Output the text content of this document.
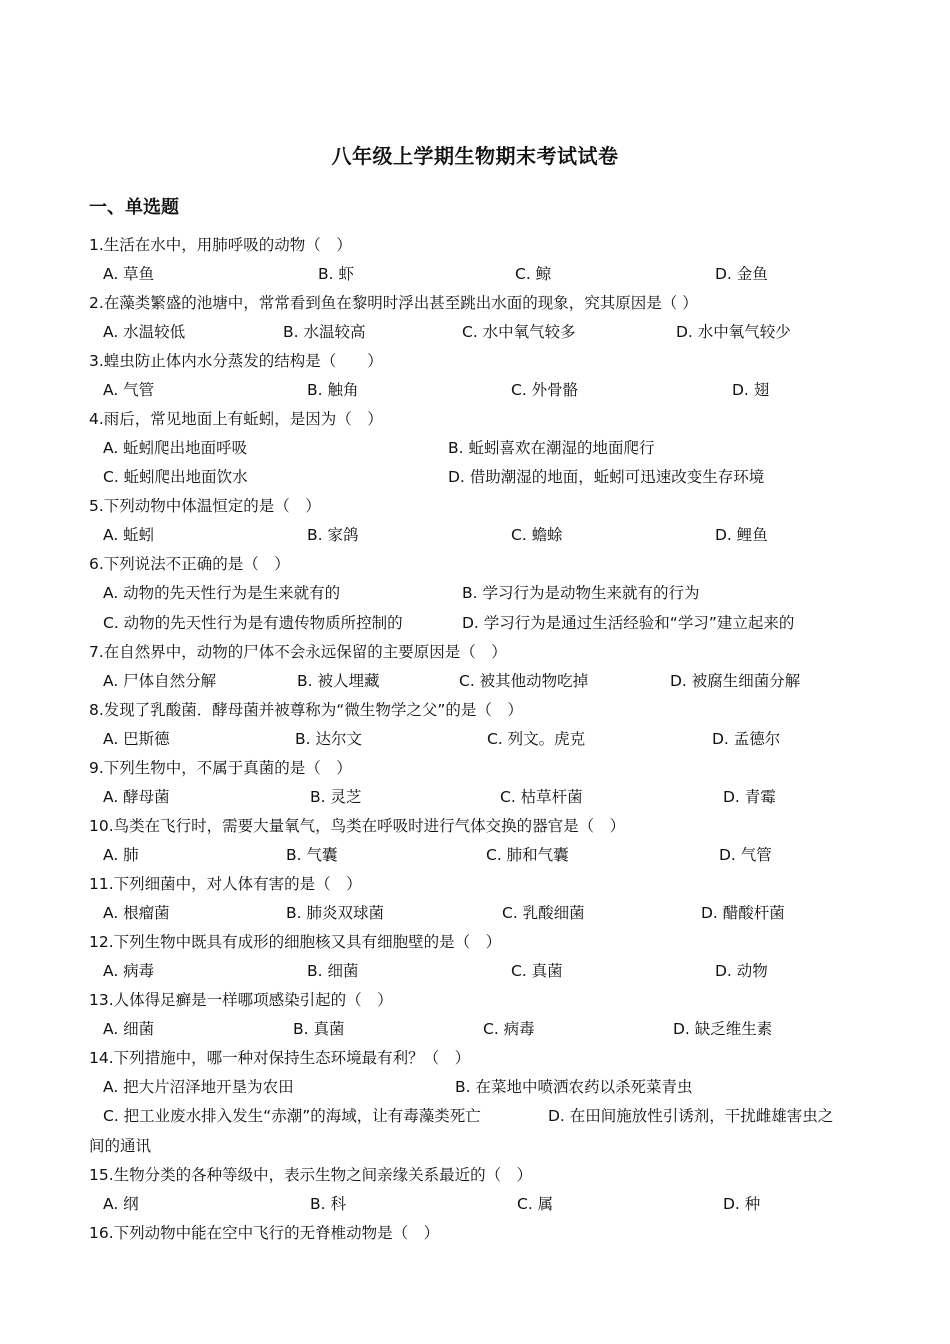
八年级上学期生物期末考试试卷
一、单选题
1.生活在水中，用肺呼吸的动物（　）
A. 草鱼	B. 虾	C. 鲸	D. 金鱼
2.在藻类繁盛的池塘中，常常看到鱼在黎明时浮出甚至跳出水面的现象，究其原因是（ ）
A. 水温较低	B. 水温较高	C. 水中氧气较多	D. 水中氧气较少
3.蝗虫防止体内水分蒸发的结构是（　　）
A. 气管	B. 触角	C. 外骨骼	D. 翅
4.雨后，常见地面上有蚯蚓，是因为（　）
A. 蚯蚓爬出地面呼吸	B. 蚯蚓喜欢在潮湿的地面爬行
C. 蚯蚓爬出地面饮水	D. 借助潮湿的地面，蚯蚓可迅速改变生存环境
5.下列动物中体温恒定的是（　）
A. 蚯蚓	B. 家鸽	C. 蟾蜍	D. 鲤鱼
6.下列说法不正确的是（　）
A. 动物的先天性行为是生来就有的	B. 学习行为是动物生来就有的行为
C. 动物的先天性行为是有遗传物质所控制的	D. 学习行为是通过生活经验和“学习”建立起来的
7.在自然界中，动物的尸体不会永远保留的主要原因是（　）
A. 尸体自然分解	B. 被人埋藏	C. 被其他动物吃掉	D. 被腐生细菌分解
8.发现了乳酸菌．酵母菌并被尊称为“微生物学之父”的是（　）
A. 巴斯德	B. 达尔文	C. 列文。虎克	D. 孟德尔
9.下列生物中，不属于真菌的是（　）
A. 酵母菌	B. 灵芝	C. 枯草杆菌	D. 青霉
10.鸟类在飞行时，需要大量氧气，鸟类在呼吸时进行气体交换的器官是（　）
A. 肺	B. 气囊	C. 肺和气囊	D. 气管
11.下列细菌中，对人体有害的是（　）
A. 根瘤菌	B. 肺炎双球菌	C. 乳酸细菌	D. 醋酸杆菌
12.下列生物中既具有成形的细胞核又具有细胞壁的是（　）
A. 病毒	B. 细菌	C. 真菌	D. 动物
13.人体得足癣是一样哪项感染引起的（　）
A. 细菌	B. 真菌	C. 病毒	D. 缺乏维生素
14.下列措施中，哪一种对保持生态环境最有利？（　）
A. 把大片沼泽地开垦为农田	B. 在菜地中喷洒农药以杀死菜青虫
C. 把工业废水排入发生“赤潮”的海域，让有毒藻类死亡	D. 在田间施放性引诱剂，干扰雌雄害虫之
间的通讯
15.生物分类的各种等级中，表示生物之间亲缘关系最近的（　）
A. 纲	B. 科	C. 属	D. 种
16.下列动物中能在空中飞行的无脊椎动物是（　）
